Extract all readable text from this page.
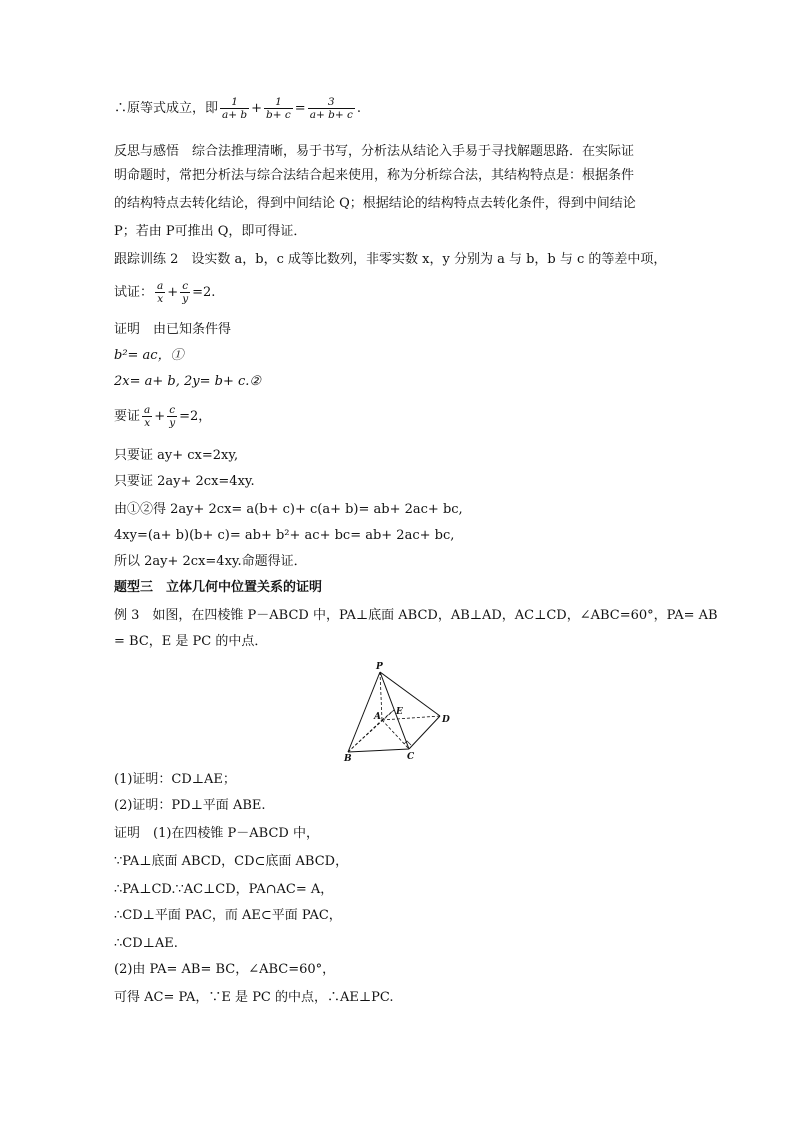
∴原等式成立，即 $\frac{1}{a+ b} + \frac{1}{b+ c} = \frac{3}{a+ b+ c}$ .
反思与感悟　综合法推理清晰，易于书写，分析法从结论入手易于寻找解题思路．在实际证
明命题时，常把分析法与综合法结合起来使用，称为分析综合法，其结构特点是：根据条件
的结构特点去转化结论，得到中间结论 Q；根据结论的结构特点去转化条件，得到中间结论
P；若由 P可推出 Q，即可得证．
跟踪训练 2　设实数 a，b，c 成等比数列，非零实数 x，y 分别为 a 与 b，b 与 c 的等差中项，
试证： $\frac{a}{x} + \frac{c}{y} =2$.
证明　由已知条件得
b²= ac，①
2x= a+ b, 2y= b+ c.②
要证 $\frac{a}{x} + \frac{c}{y} =2$，
只要证 ay+ cx=2xy,
只要证 2ay+ 2cx=4xy.
由①②得 2ay+ 2cx= a(b+ c)+ c(a+ b)= ab+ 2ac+ bc,
4xy=(a+ b)(b+ c)= ab+ b²+ ac+ bc= ab+ 2ac+ bc,
所以 2ay+ 2cx=4xy.命题得证．
题型三　立体几何中位置关系的证明
例 3　如图，在四棱锥 P－ABCD 中，PA⊥底面 ABCD，AB⊥AD，AC⊥CD，∠ABC=60°，PA= AB
= BC，E 是 PC 的中点．
P
A E
D
B	C
(1)证明：CD⊥AE；
(2)证明：PD⊥平面 ABE.
证明　(1)在四棱锥 P－ABCD 中，
∵PA⊥底面 ABCD，CD⊂底面 ABCD，
∴PA⊥CD.∵AC⊥CD，PA∩AC= A，
∴CD⊥平面 PAC，而 AE⊂平面 PAC，
∴CD⊥AE.
(2)由 PA= AB= BC，∠ABC=60°，
可得 AC= PA，∵E 是 PC 的中点，∴AE⊥PC.
